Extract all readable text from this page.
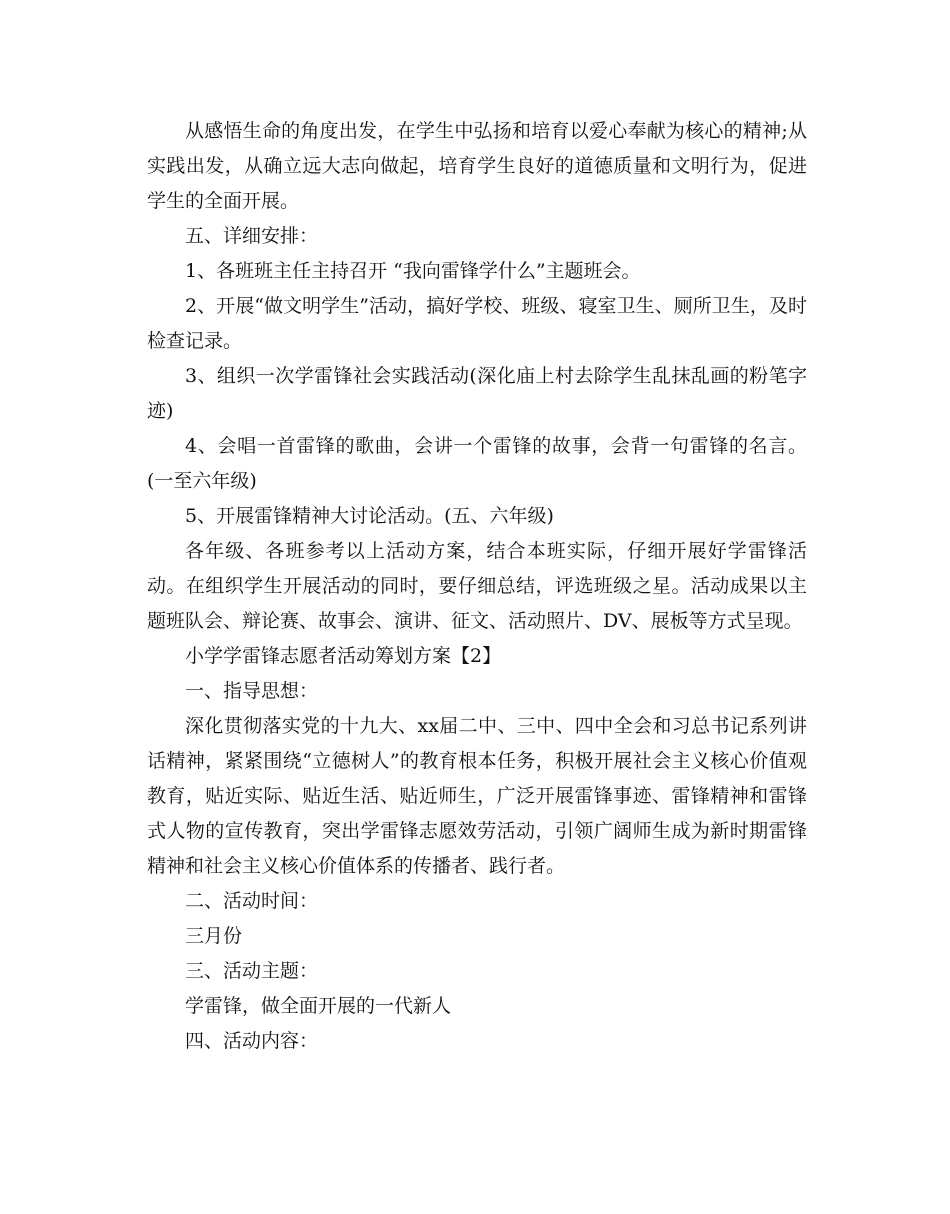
从感悟生命的角度出发，在学生中弘扬和培育以爱心奉献为核心的精神;从实践出发，从确立远大志向做起，培育学生良好的道德质量和文明行为，促进学生的全面开展。

五、详细安排：

1、各班班主任主持召开 “我向雷锋学什么”主题班会。

2、开展“做文明学生”活动，搞好学校、班级、寝室卫生、厕所卫生，及时检查记录。

3、组织一次学雷锋社会实践活动(深化庙上村去除学生乱抹乱画的粉笔字迹)

4、会唱一首雷锋的歌曲，会讲一个雷锋的故事，会背一句雷锋的名言。(一至六年级)

5、开展雷锋精神大讨论活动。(五、六年级)

各年级、各班参考以上活动方案，结合本班实际，仔细开展好学雷锋活动。在组织学生开展活动的同时，要仔细总结，评选班级之星。活动成果以主题班队会、辩论赛、故事会、演讲、征文、活动照片、DV、展板等方式呈现。

小学学雷锋志愿者活动筹划方案【2】

一、指导思想：

深化贯彻落实党的十九大、xx届二中、三中、四中全会和习总书记系列讲话精神，紧紧围绕“立德树人”的教育根本任务，积极开展社会主义核心价值观教育，贴近实际、贴近生活、贴近师生，广泛开展雷锋事迹、雷锋精神和雷锋式人物的宣传教育，突出学雷锋志愿效劳活动，引领广阔师生成为新时期雷锋精神和社会主义核心价值体系的传播者、践行者。

二、活动时间：

三月份

三、活动主题：

学雷锋，做全面开展的一代新人

四、活动内容：
